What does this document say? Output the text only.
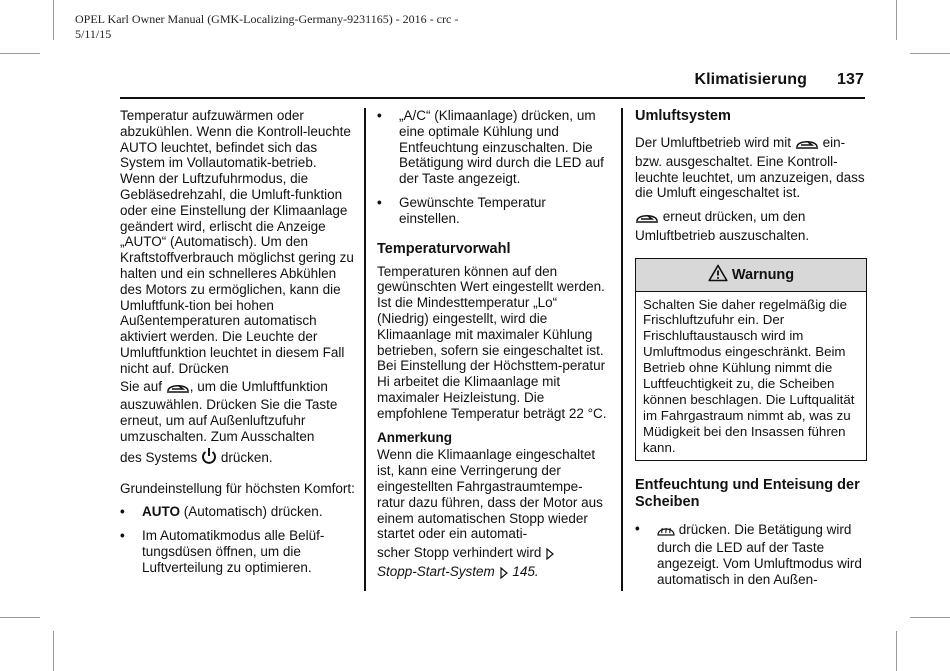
OPEL Karl Owner Manual (GMK-Localizing-Germany-9231165) - 2016 - crc -
5/11/15
Klimatisierung 137

Temperatur aufzuwärmen oder abzukühlen. Wenn die Kontroll-leuchte AUTO leuchtet, befindet sich das System im Vollautomatik-betrieb. Wenn der Luftzufuhrmodus, die Gebläsedrehzahl, die Umluft-funktion oder eine Einstellung der Klimaanlage geändert wird, erlischt die Anzeige „AUTO“ (Automatisch). Um den Kraftstoffverbrauch möglichst gering zu halten und ein schnelleres Abkühlen des Motors zu ermöglichen, kann die Umluftfunk-tion bei hohen Außentemperaturen automatisch aktiviert werden. Die Leuchte der Umluftfunktion leuchtet in diesem Fall nicht auf. Drücken

Sie auf , um die Umluftfunktion auszuwählen. Drücken Sie die Taste erneut, um auf Außenluftzufuhr umzuschalten. Zum Ausschalten

des Systems drücken.

Grundeinstellung für höchsten Komfort:

• AUTO (Automatisch) drücken.
• Im Automatikmodus alle Belüf-tungsdüsen öffnen, um die Luftverteilung zu optimieren.
• „A/C“ (Klimaanlage) drücken, um eine optimale Kühlung und Entfeuchtung einzuschalten. Die Betätigung wird durch die LED auf der Taste angezeigt.
• Gewünschte Temperatur einstellen.
Temperaturvorwahl

Temperaturen können auf den gewünschten Wert eingestellt werden. Ist die Mindesttemperatur „Lo“ (Niedrig) eingestellt, wird die Klimaanlage mit maximaler Kühlung betrieben, sofern sie eingeschaltet ist. Bei Einstellung der Höchsttem-peratur Hi arbeitet die Klimaanlage mit maximaler Heizleistung. Die empfohlene Temperatur beträgt 22 °C.

Anmerkung

Wenn die Klimaanlage eingeschaltet ist, kann eine Verringerung der eingestellten Fahrgastraumtempe-ratur dazu führen, dass der Motor aus einem automatischen Stopp wieder startet oder ein automati-

scher Stopp verhindert wird
Stopp-Start-System 145.

Umluftsystem

Der Umluftbetrieb wird mit ein- bzw. ausgeschaltet. Eine Kontroll-leuchte leuchtet, um anzuzeigen, dass die Umluft eingeschaltet ist.

erneut drücken, um den Umluftbetrieb auszuschalten.

Warnung

Schalten Sie daher regelmäßig die Frischluftzufuhr ein. Der Frischluftaustausch wird im Umluftmodus eingeschränkt. Beim Betrieb ohne Kühlung nimmt die Luftfeuchtigkeit zu, die Scheiben können beschlagen. Die Luftqualität im Fahrgastraum nimmt ab, was zu Müdigkeit bei den Insassen führen kann.

Entfeuchtung und Enteisung der Scheiben
•	drücken. Die Betätigung wird durch die LED auf der Taste angezeigt. Vom Umluftmodus wird automatisch in den Außen-
